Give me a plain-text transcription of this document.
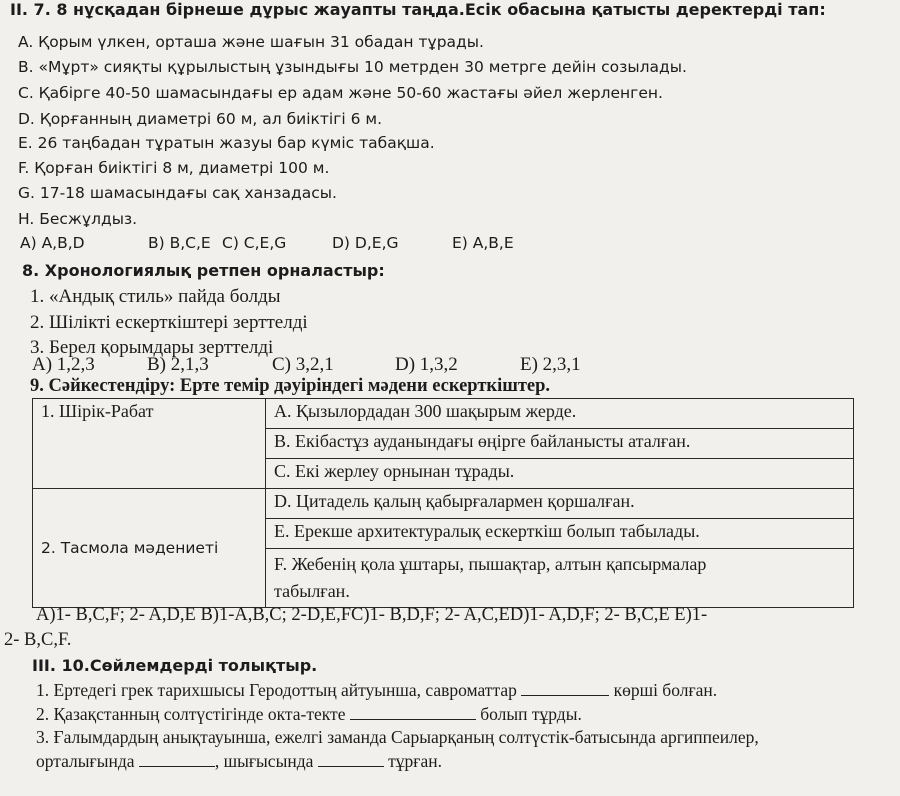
II. 7. 8 нұсқадан бірнеше дұрыс жауапты таңда.Есік обасына қатысты деректерді тап:

A. Қорым үлкен, орташа және шағын 31 обадан тұрады.

B. «Мұрт» сияқты құрылыстың ұзындығы 10 метрден 30 метрге дейін созылады.

C. Қабірге 40-50 шамасындағы ер адам және 50-60 жастағы әйел жерленген.

D. Қорғанның диаметрі 60 м, ал биіктігі 6 м.

E. 26 таңбадан тұратын жазуы бар күміс табақша.

F. Қорған биіктігі 8 м, диаметрі 100 м.

G. 17-18 шамасындағы сақ ханзадасы.

H. Бесжұлдыз.

A) A,B,D	B) B,C,E C) C,E,G	D) D,E,G	E) A,B,E

8. Хронологиялық ретпен орналастыр:

1. «Андық стиль» пайда болды

2. Шілікті ескерткіштері зерттелді

3. Берел қорымдары зерттелді

A) 1,2,3	B) 2,1,3	C) 3,2,1	D) 1,3,2	E) 2,3,1

9. Сәйкестендіру: Ерте темір дәуіріндегі мәдени ескерткіштер.

1. Шірік-Рабат	A. Қызылордадан 300 шақырым жерде.
	B. Екібастұз ауданындағы өңірге байланысты аталған.
	C. Екі жерлеу орнынан тұрады.
2. Тасмола мәдениеті	D. Цитадель қалың қабырғалармен қоршалған.
	E. Ерекше архитектуралық ескерткіш болып табылады.
	F. Жебенің қола ұштары, пышақтар, алтын қапсырмалар
табылған.

A)1- B,C,F; 2- A,D,E B)1-A,B,C; 2-D,E,FC)1- B,D,F; 2- A,C,ED)1- A,D,F; 2- B,C,E E)1-

2- B,C,F.

III. 10.Сөйлемдерді толықтыр.

1. Ертедегі грек тарихшысы Геродоттың айтуынша, савроматтар	көрші болған.

2. Қазақстанның солтүстігінде окта-текте	болып тұрды.

3. Ғалымдардың анықтауынша, ежелгі заманда Сарыарқаның солтүстік-батысында аргиппеилер,

орталығында	, шығысында	тұрған.
